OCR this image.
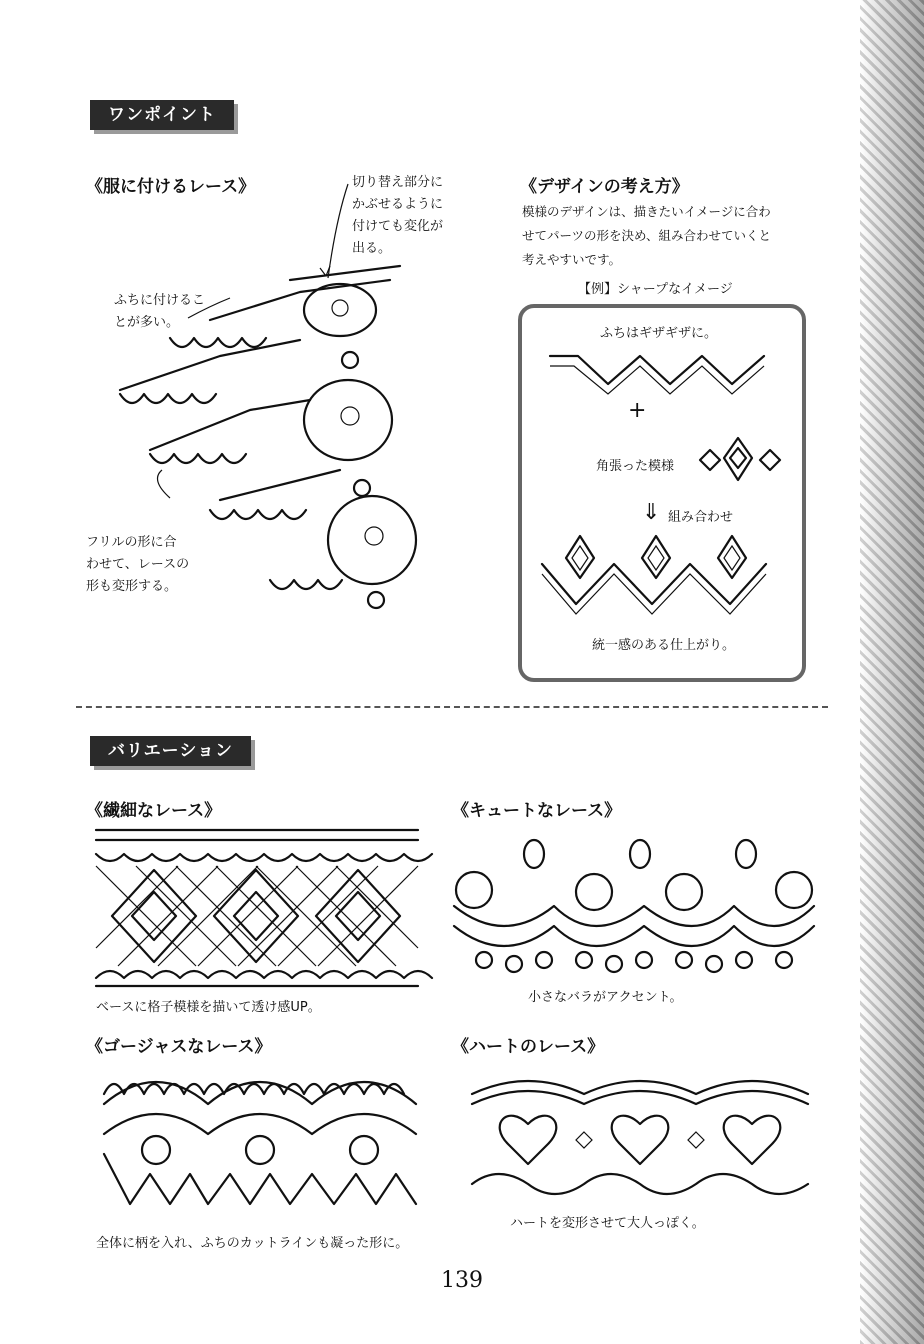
ワンポイント
《服に付けるレース》	切り替え部分に
かぶせるように
付けても変化が
出る。
ふちに付けるこ
とが多い。
フリルの形に合
わせて、レースの
形も変形する。
《デザインの考え方》
模様のデザインは、描きたいイメージに合わ
せてパーツの形を決め、組み合わせていくと
考えやすいです。
【例】シャープなイメージ
ふちはギザギザに。
+
角張った模様
⇓ 組み合わせ
統一感のある仕上がり。
バリエーション
《繊細なレース》
ベースに格子模様を描いて透け感UP。
《キュートなレース》
小さなバラがアクセント。
《ゴージャスなレース》
全体に柄を入れ、ふちのカットラインも凝った形に。
《ハートのレース》
ハートを変形させて大人っぽく。
139
